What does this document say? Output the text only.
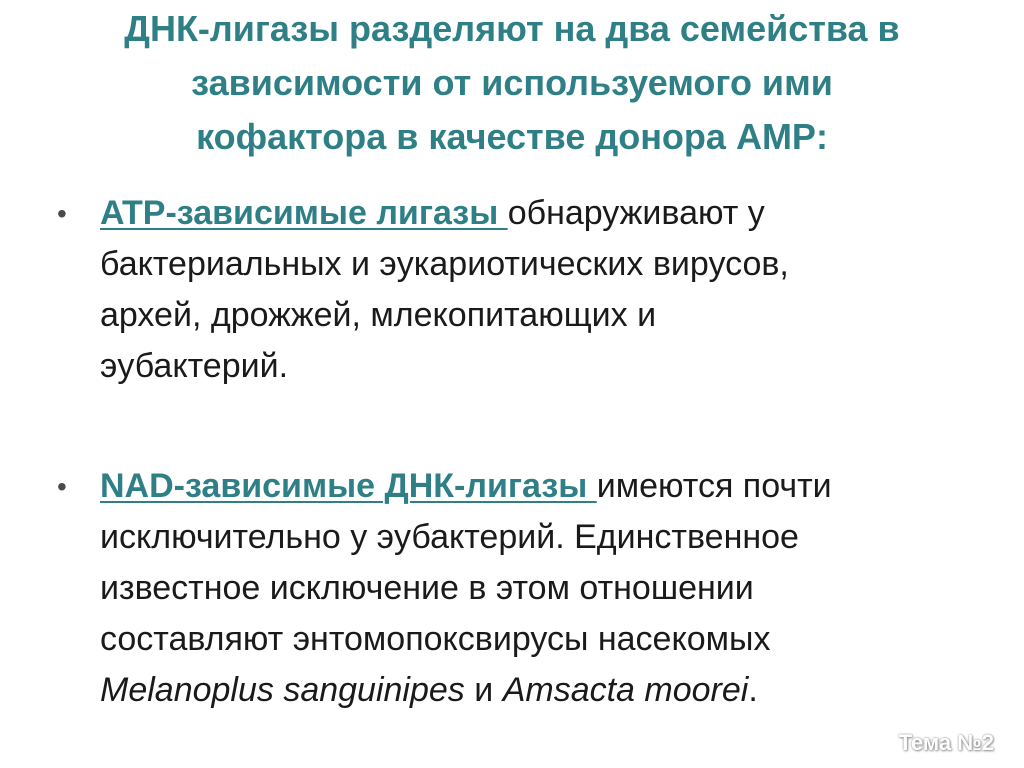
ДНК-лигазы разделяют на два семейства в
зависимости от используемого ими
кофактора в качестве донора AMP:
• ATP-зависимые лигазы обнаруживают у
бактериальных и эукариотических вирусов,
архей, дрожжей, млекопитающих и
эубактерий.
• NAD-зависимые ДНК-лигазы имеются почти
исключительно у эубактерий. Единственное
известное исключение в этом отношении
составляют энтомопоксвирусы насекомых
Melanoplus sanguinipes и Amsacta moorei.
Тема №2
